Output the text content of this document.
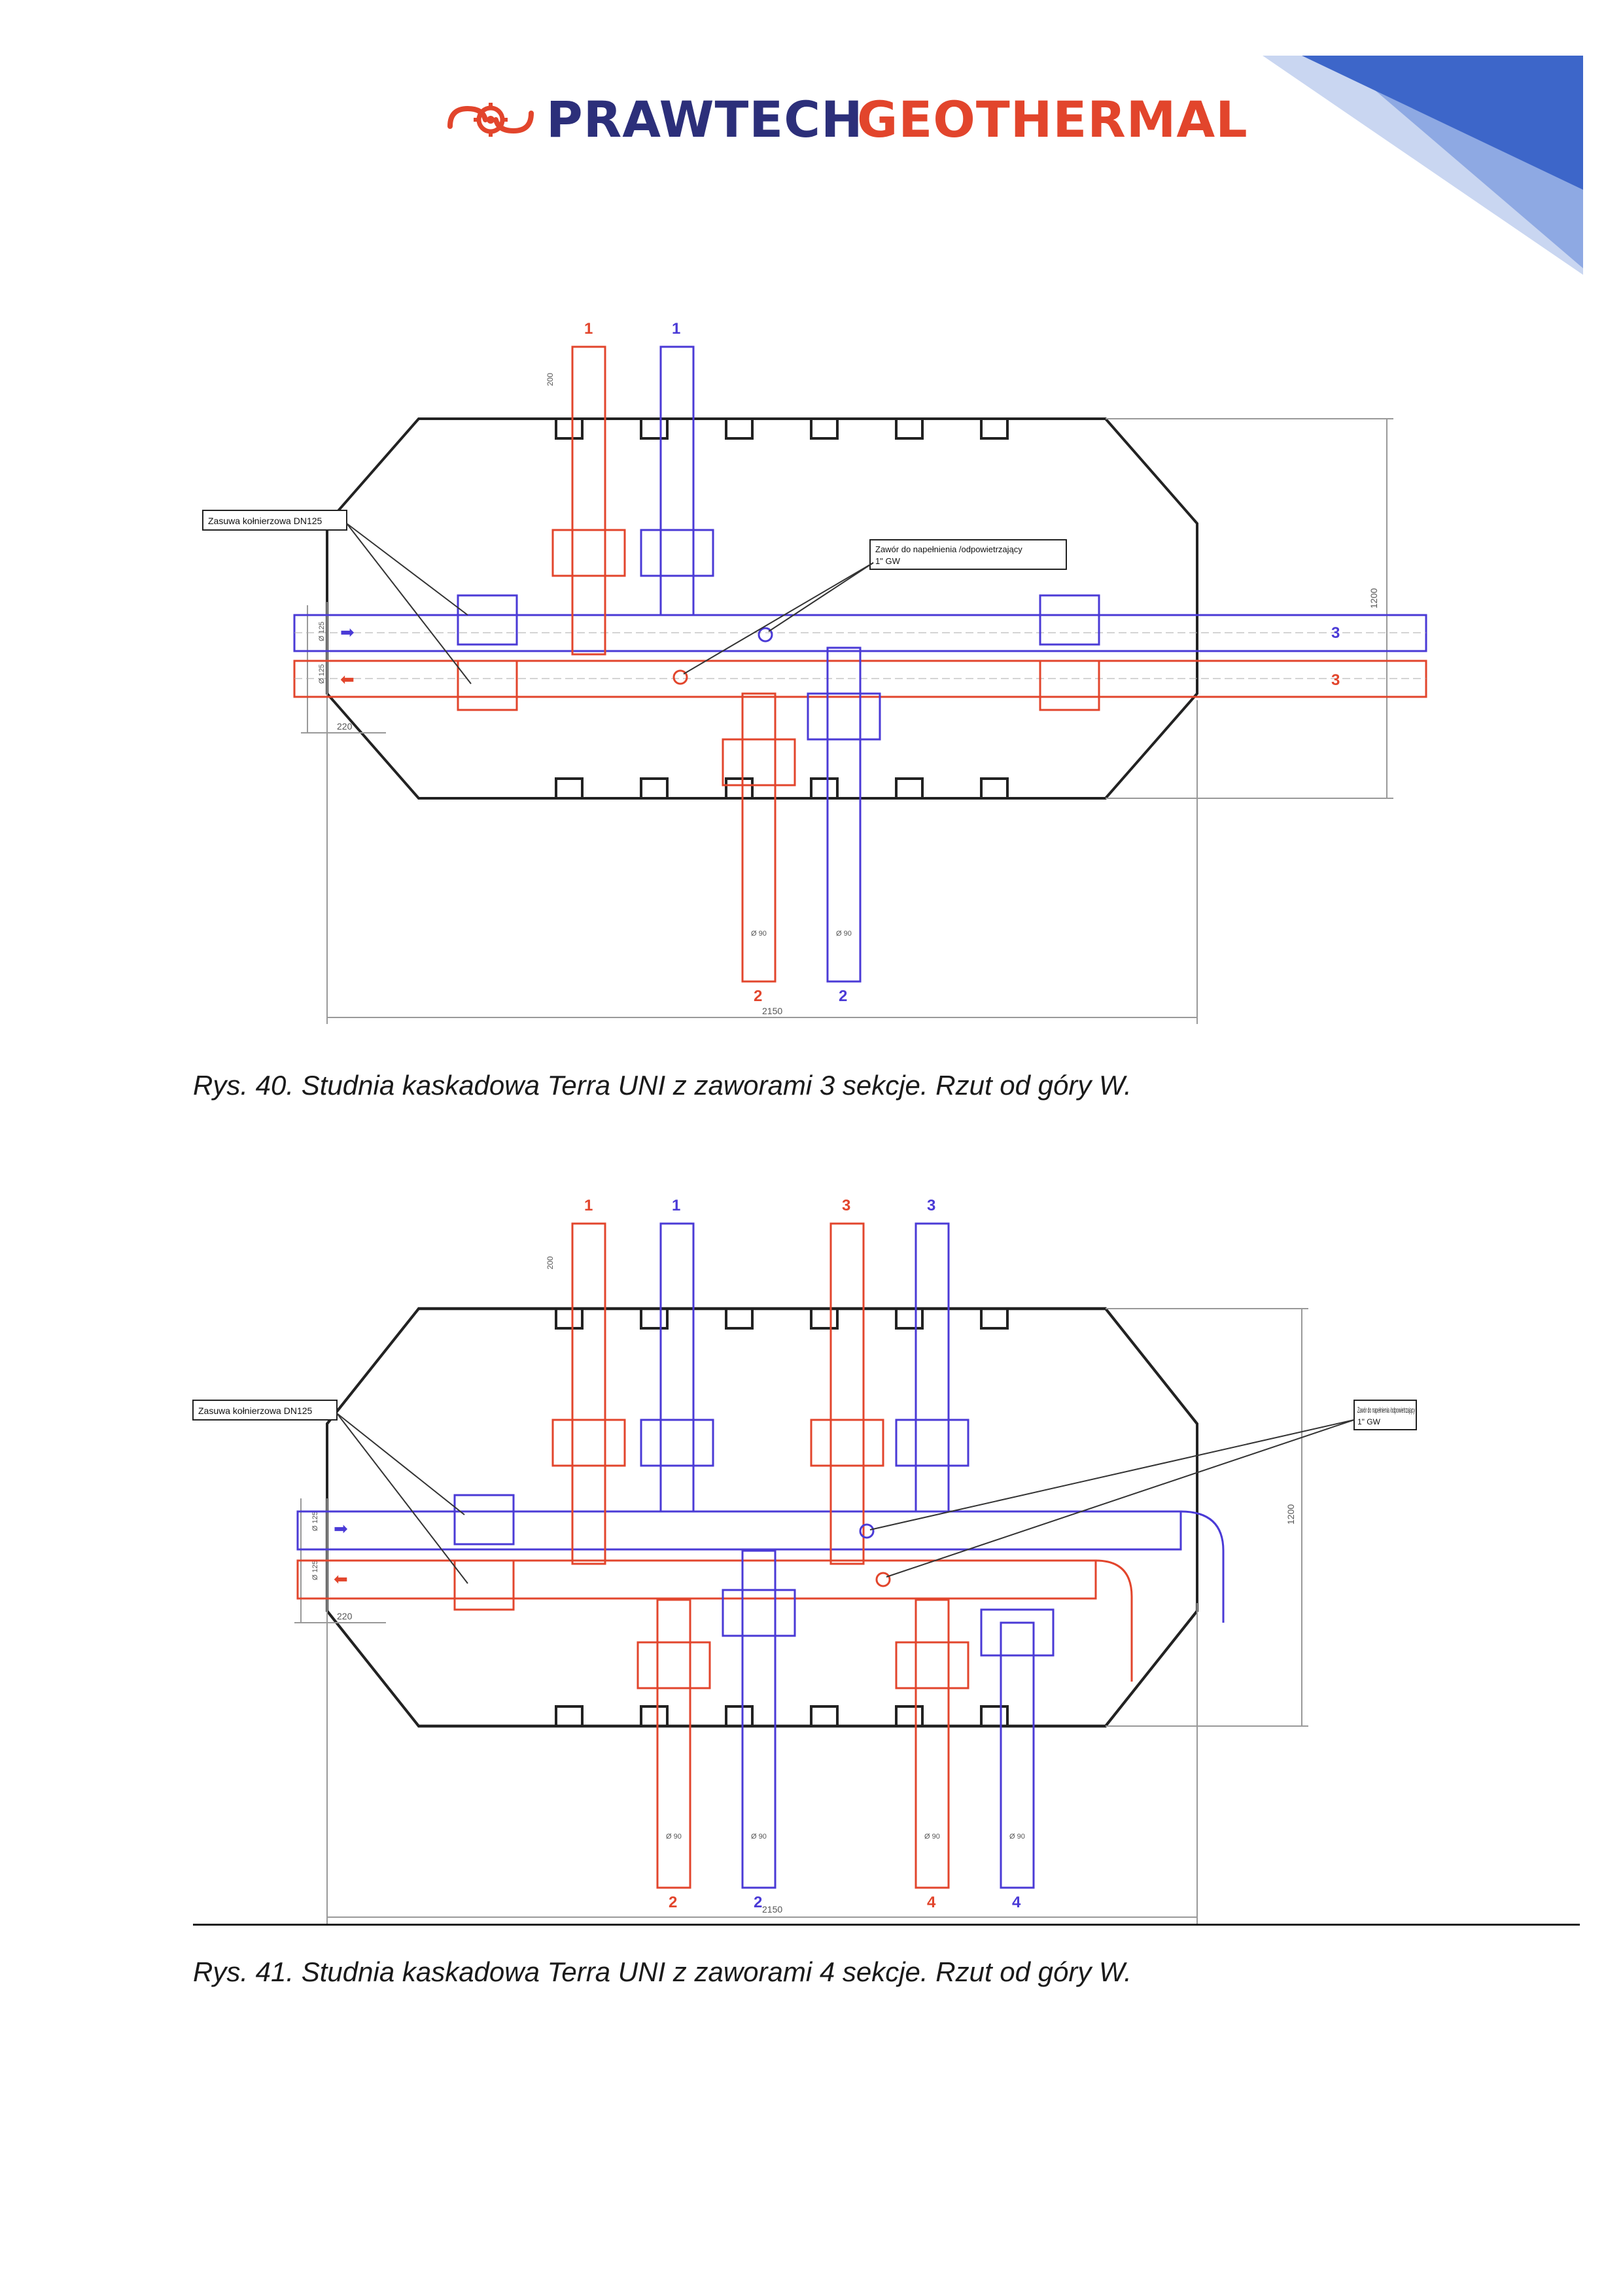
PRAWTECH
GEOTHERMAL
2150
1200
220
200
Ø 125
Ø 125
➡
⬅
Zasuwa kołnierzowa DN125
Zawór do napełnienia /odpowietrzający
1" GW
1	1
2	2
3
3
Ø 90	Ø 90
Rys. 40. Studnia kaskadowa Terra UNI z zaworami 3 sekcje. Rzut od góry W.
2150
1200
220
200
Ø 125
Ø 125
➡
⬅
Zasuwa kołnierzowa DN125	Zawór do napełnienia /odpowietrzający
1" GW
1	1	3	3
2	2	4	4
Ø 90	Ø 90	Ø 90	Ø 90
Rys. 41. Studnia kaskadowa Terra UNI z zaworami 4 sekcje. Rzut od góry W.
